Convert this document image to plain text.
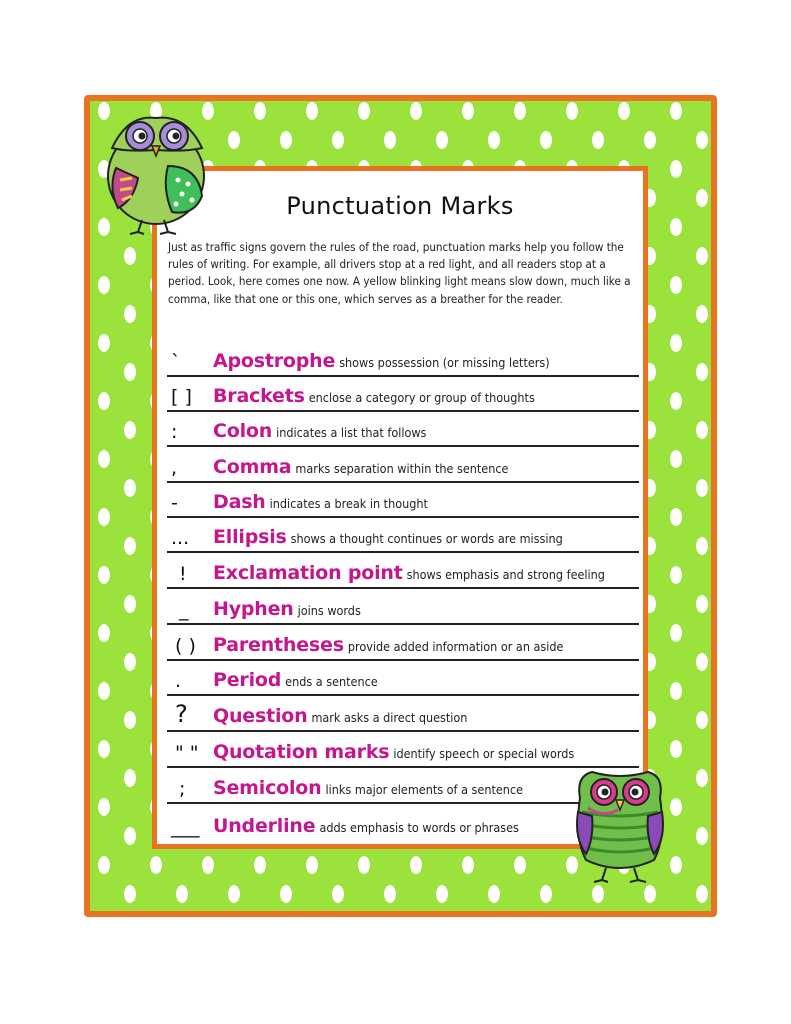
Punctuation Marks
Just as traffic signs govern the rules of the road, punctuation marks help you follow the rules of writing. For example, all drivers stop at a red light, and all readers stop at a period. Look, here comes one now. A yellow blinking light means slow down, much like a comma, like that one or this one, which serves as a breather for the reader.
`	Apostrophe shows possession (or missing letters)
[ ]	Brackets enclose a category or group of thoughts
:	Colon indicates a list that follows
,	Comma marks separation within the sentence
-	Dash indicates a break in thought
...	Ellipsis shows a thought continues or words are missing
!	Exclamation point shows emphasis and strong feeling
_	Hyphen joins words
( ) Parentheses provide added information or an aside
.	Period ends a sentence
?	Question mark asks a direct question
" " Quotation marks identify speech or special words
;	Semicolon links major elements of a sentence
___ Underline adds emphasis to words or phrases
